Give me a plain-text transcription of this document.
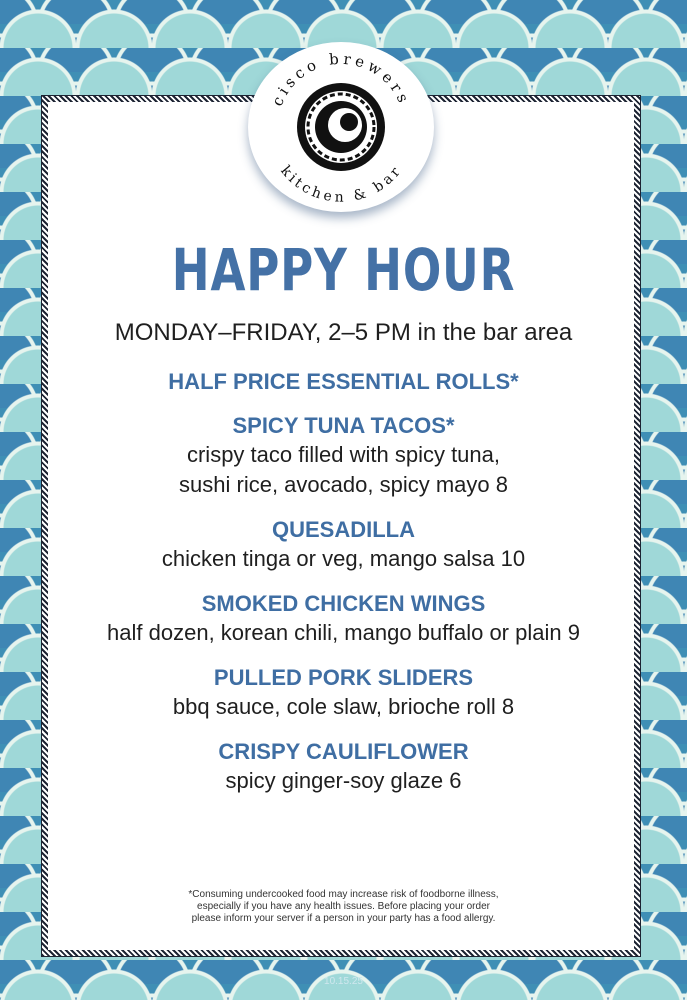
cisco brewers
kitchen & bar
HAPPY HOUR
MONDAY–FRIDAY, 2–5 PM in the bar area
HALF PRICE ESSENTIAL ROLLS*
SPICY TUNA TACOS*
crispy taco filled with spicy tuna,
sushi rice, avocado, spicy mayo 8
QUESADILLA
chicken tinga or veg, mango salsa 10
SMOKED CHICKEN WINGS
half dozen, korean chili, mango buffalo or plain 9
PULLED PORK SLIDERS
bbq sauce, cole slaw, brioche roll 8
CRISPY CAULIFLOWER
spicy ginger-soy glaze 6
*Consuming undercooked food may increase risk of foodborne illness,
especially if you have any health issues. Before placing your order
please inform your server if a person in your party has a food allergy.
10.15.25
